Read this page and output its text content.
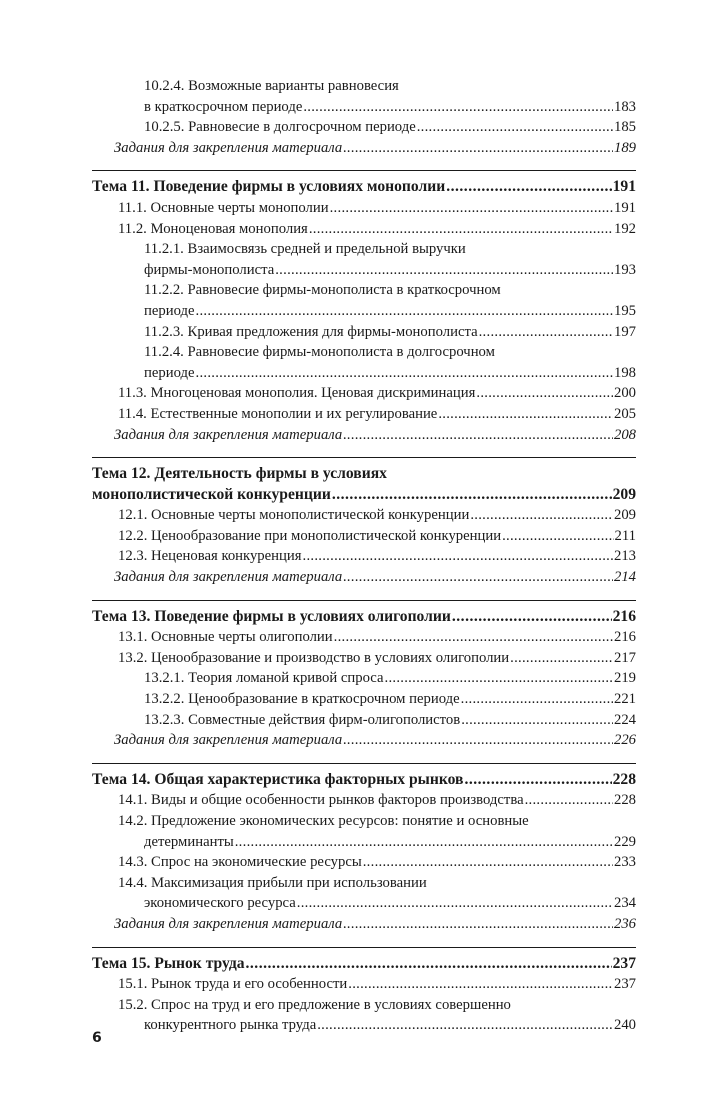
10.2.4. Возможные варианты равновесия
в краткосрочном периоде . . .	183
10.2.5. Равновесие в долгосрочном периоде . . .	185
Задания для закрепления материала . . .	189
Тема 11. Поведение фирмы в условиях монополии . . .	191
11.1. Основные черты монополии . . .	191
11.2. Моноценовая монополия . . .	192
11.2.1. Взаимосвязь средней и предельной выручки
фирмы-монополиста . . .	193
11.2.2. Равновесие фирмы-монополиста в краткосрочном
периоде . . .	195
11.2.3. Кривая предложения для фирмы-монополиста . . .	197
11.2.4. Равновесие фирмы-монополиста в долгосрочном
периоде . . .	198
11.3. Многоценовая монополия. Ценовая дискриминация . . .	200
11.4. Естественные монополии и их регулирование . . .	205
Задания для закрепления материала . . .	208
Тема 12. Деятельность фирмы в условиях
монополистической конкуренции . . .	209
12.1. Основные черты монополистической конкуренции . . .	209
12.2. Ценообразование при монополистической конкуренции . . .	211
12.3. Неценовая конкуренция . . .	213
Задания для закрепления материала . . .	214
Тема 13. Поведение фирмы в условиях олигополии . . .	216
13.1. Основные черты олигополии . . .	216
13.2. Ценообразование и производство в условиях олигополии . . .	217
13.2.1. Теория ломаной кривой спроса . . .	219
13.2.2. Ценообразование в краткосрочном периоде . . .	221
13.2.3. Совместные действия фирм-олигополистов . . .	224
Задания для закрепления материала . . .	226
Тема 14. Общая характеристика факторных рынков . . .	228
14.1. Виды и общие особенности рынков факторов производства . . .	228
14.2. Предложение экономических ресурсов: понятие и основные
детерминанты . . .	229
14.3. Спрос на экономические ресурсы . . .	233
14.4. Максимизация прибыли при использовании
экономического ресурса . . .	234
Задания для закрепления материала . . .	236
Тема 15. Рынок труда . . .	237
15.1. Рынок труда и его особенности . . .	237
15.2. Спрос на труд и его предложение в условиях совершенно
конкурентного рынка труда . . .	240
6
